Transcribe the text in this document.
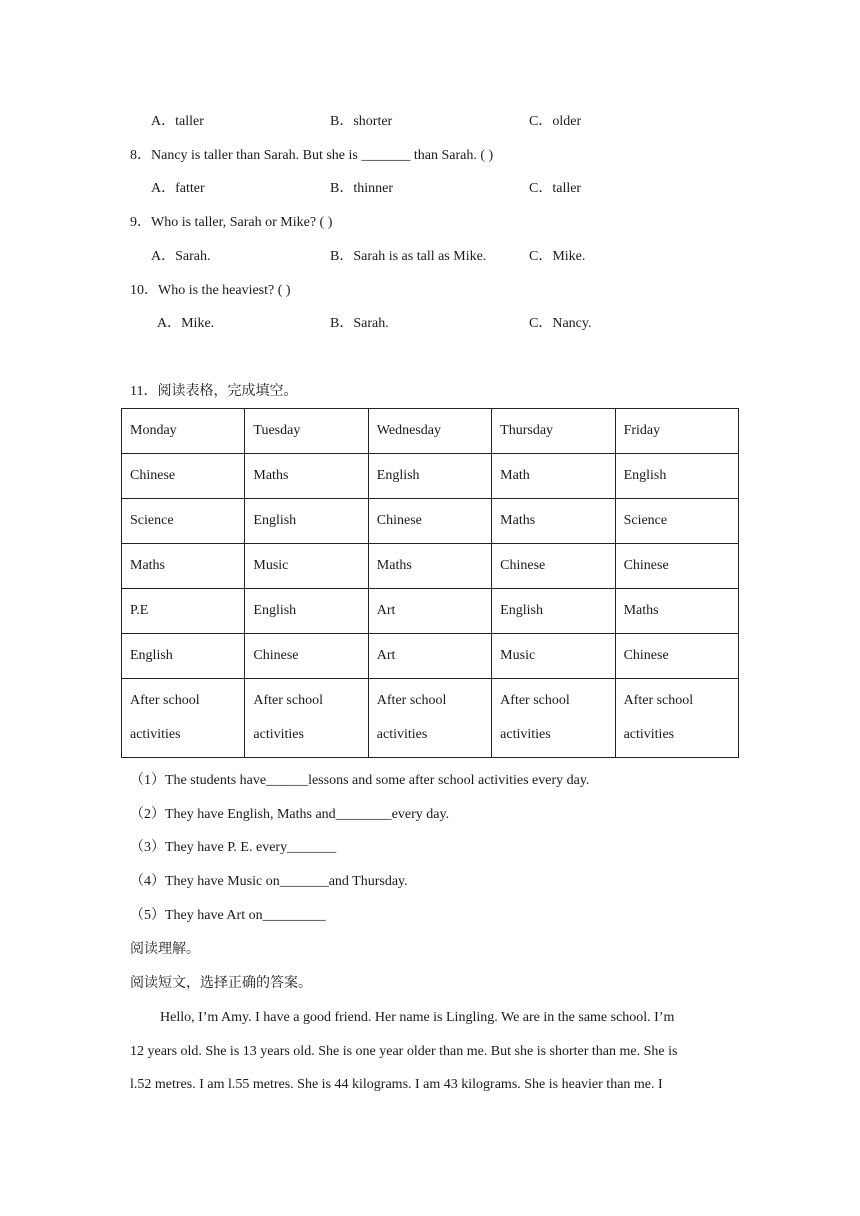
A．taller	B．shorter	C．older
8．Nancy is taller than Sarah. But she is _______ than Sarah. ( )
A．fatter	B．thinner	C．taller
9．Who is taller, Sarah or Mike? ( )
A．Sarah.	B．Sarah is as tall as Mike.	C．Mike.
10．Who is the heaviest? ( )
A．Mike.	B．Sarah.	C．Nancy.
11．阅读表格，完成填空。
Monday	Tuesday	Wednesday	Thursday	Friday
Chinese	Maths	English	Math	English
Science	English	Chinese	Maths	Science
Maths	Music	Maths	Chinese	Chinese
P.E	English	Art	English	Maths
English	Chinese	Art	Music	Chinese
After school
activities	After school
activities	After school
activities	After school
activities	After school
activities
（1）The students have______lessons and some after school activities every day.
（2）They have English, Maths and________every day.
（3）They have P. E. every_______
（4）They have Music on_______and Thursday.
（5）They have Art on_________
阅读理解。
阅读短文，选择正确的答案。
Hello, I’m Amy. I have a good friend. Her name is Lingling. We are in the same school. I’m
12 years old. She is 13 years old. She is one year older than me. But she is shorter than me. She is
l.52 metres. I am l.55 metres. She is 44 kilograms. I am 43 kilograms. She is heavier than me. I
